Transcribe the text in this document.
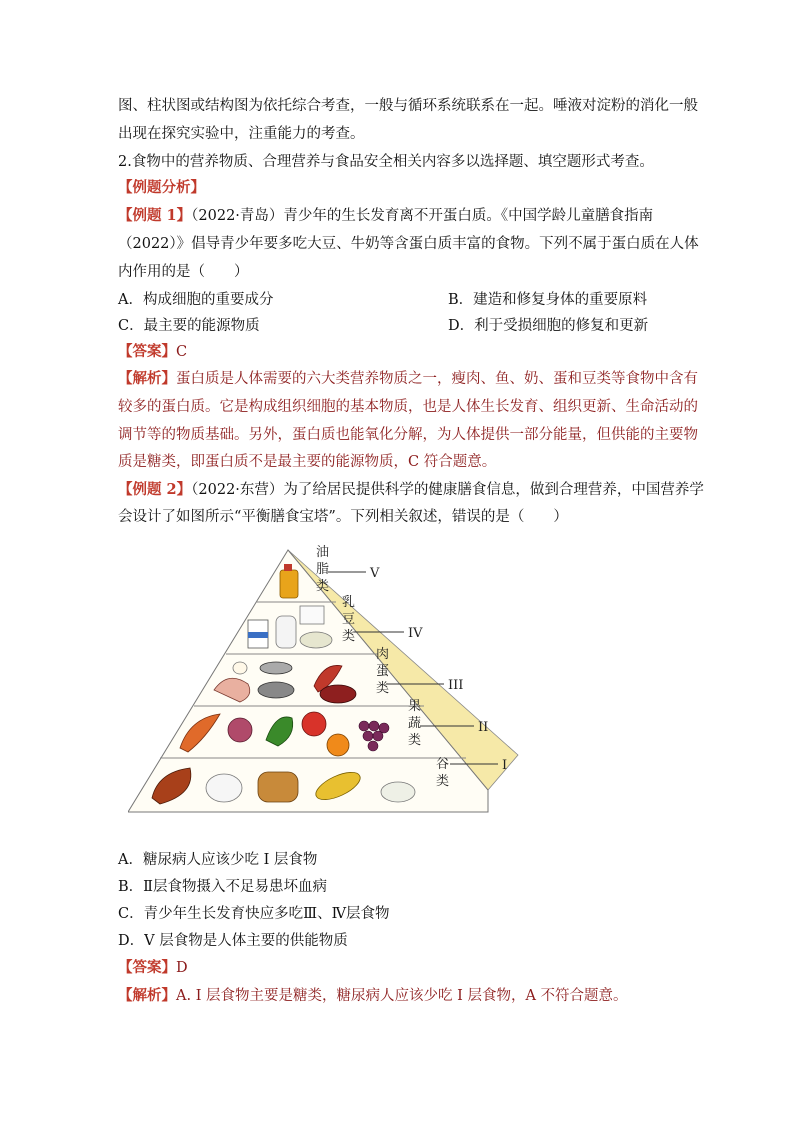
图、柱状图或结构图为依托综合考查，一般与循环系统联系在一起。唾液对淀粉的消化一般
出现在探究实验中，注重能力的考查。
2.食物中的营养物质、合理营养与食品安全相关内容多以选择题、填空题形式考查。
【例题分析】
【例题 1】（2022·青岛）青少年的生长发育离不开蛋白质。《中国学龄儿童膳食指南
（2022）》倡导青少年要多吃大豆、牛奶等含蛋白质丰富的食物。下列不属于蛋白质在人体
内作用的是（　　）
A．构成细胞的重要成分	B．建造和修复身体的重要原料
C．最主要的能源物质	D．利于受损细胞的修复和更新
【答案】C
【解析】蛋白质是人体需要的六大类营养物质之一，瘦肉、鱼、奶、蛋和豆类等食物中含有
较多的蛋白质。它是构成组织细胞的基本物质，也是人体生长发育、组织更新、生命活动的
调节等的物质基础。另外，蛋白质也能氧化分解，为人体提供一部分能量，但供能的主要物
质是糖类，即蛋白质不是最主要的能源物质，C 符合题意。
【例题 2】（2022·东营）为了给居民提供科学的健康膳食信息，做到合理营养，中国营养学
会设计了如图所示“平衡膳食宝塔”。下列相关叙述，错误的是（　　）
油
脂
类
V
乳
豆
类	IV
肉
蛋
类	III
果
蔬
类
II
谷
类
I
A．糖尿病人应该少吃 I 层食物
B．Ⅱ层食物摄入不足易患坏血病
C．青少年生长发育快应多吃Ⅲ、Ⅳ层食物
D．V 层食物是人体主要的供能物质
【答案】D
【解析】A. I 层食物主要是糖类，糖尿病人应该少吃 I 层食物，A 不符合题意。
